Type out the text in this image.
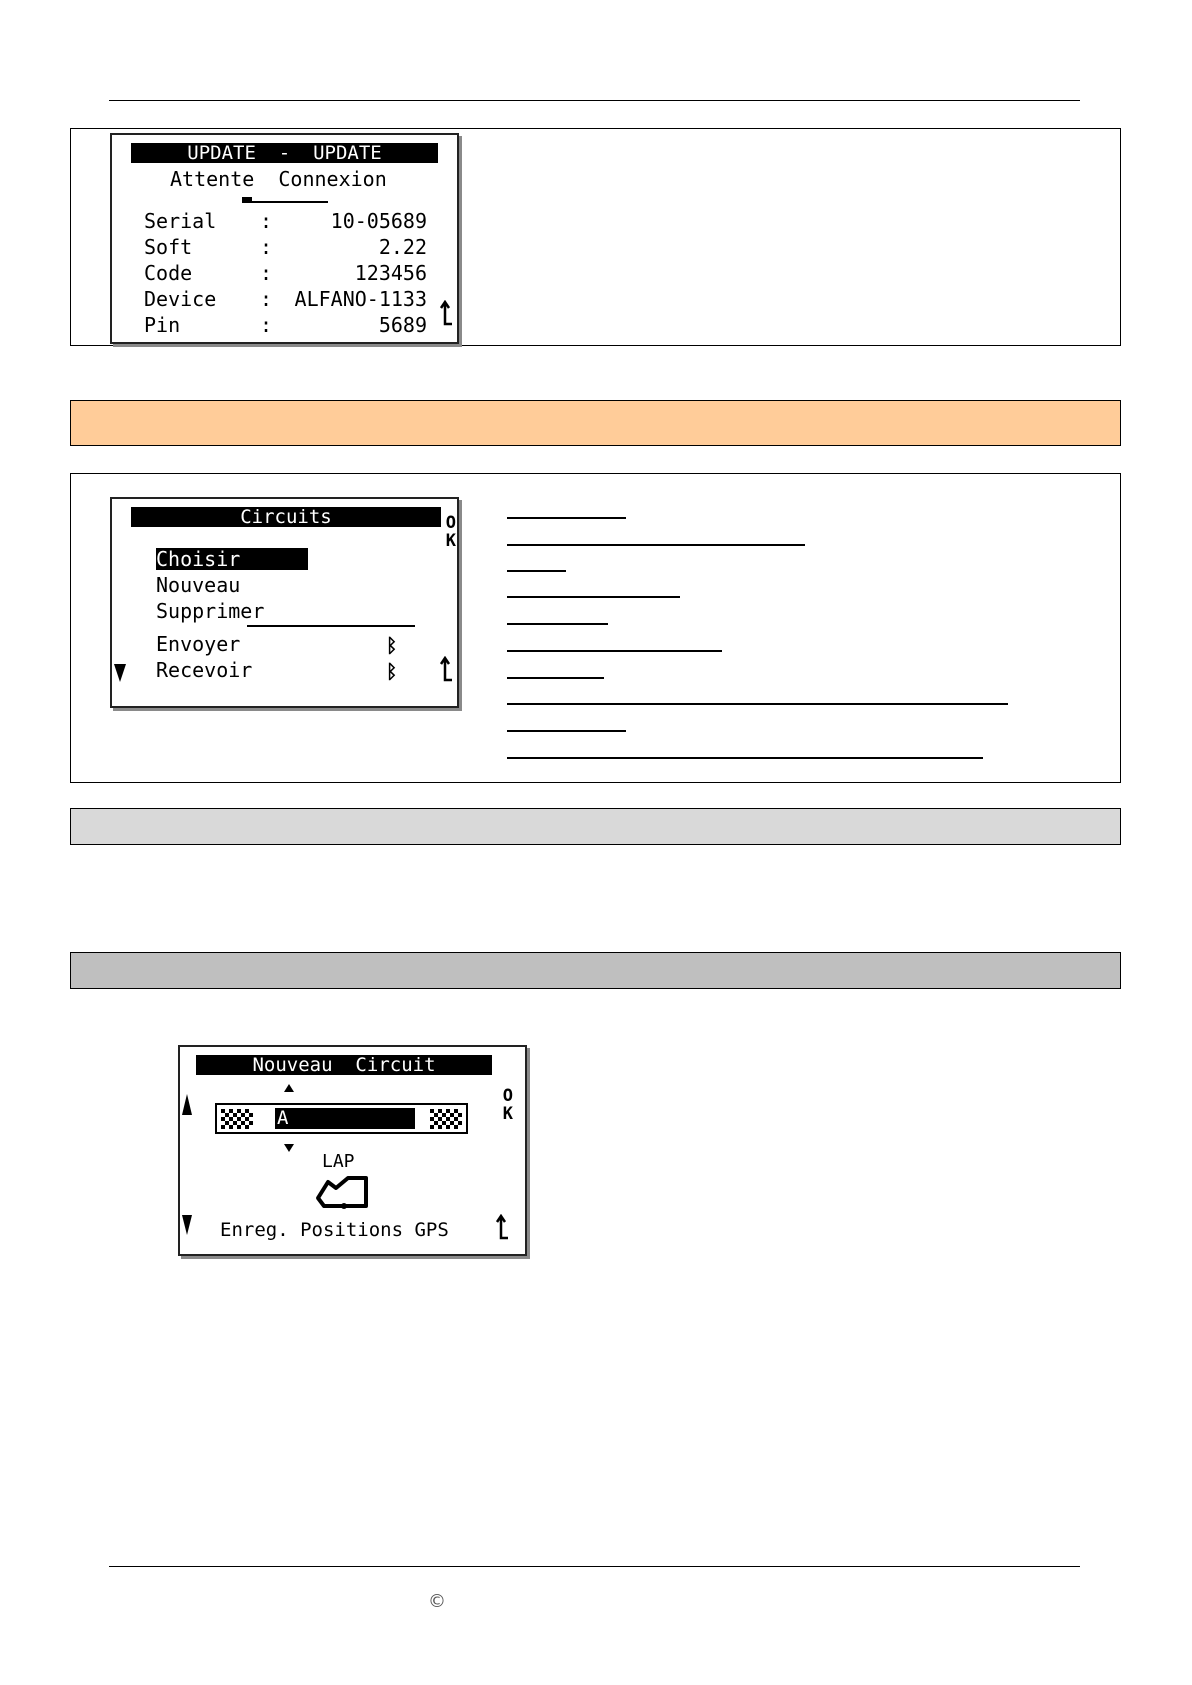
UPDATE  -  UPDATE
Attente  Connexion
Serial :	10-05689
Soft	:	2.22
Code	:	123456
Device : ALFANO-1133
Pin	:	5689
Circuits	O
K
Choisir
Nouveau
Supprimer
Envoyer
Recevoir
ᛒ
ᛒ
Nouveau  Circuit
O
K
A
LAP
Enreg. Positions GPS
©
